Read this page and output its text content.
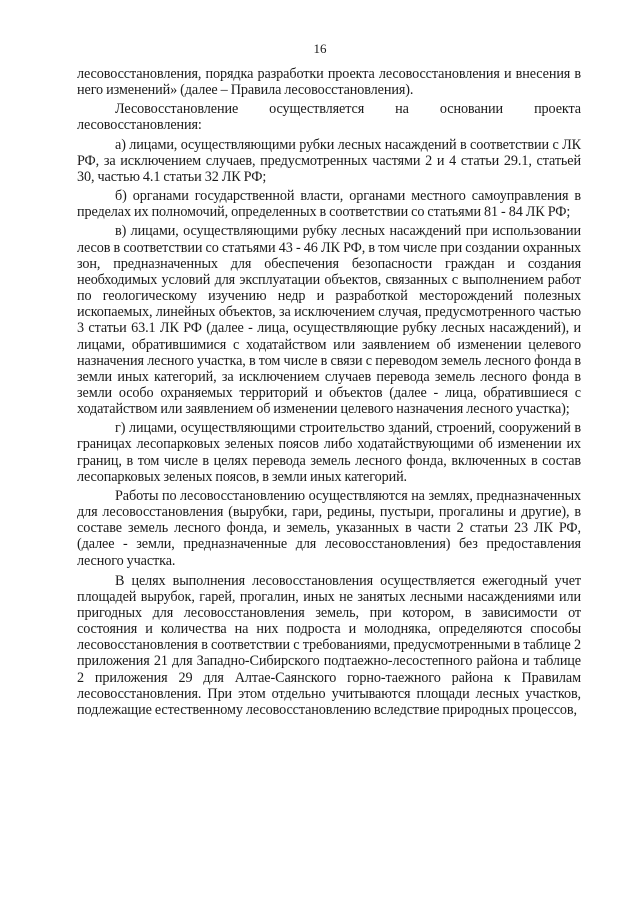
16

лесовосстановления, порядка разработки проекта лесовосстановления и внесения в него изменений» (далее – Правила лесовосстановления).

Лесовосстановление осуществляется на основании проекта лесовосстановления:

а) лицами, осуществляющими рубки лесных насаждений в соответствии с ЛК РФ, за исключением случаев, предусмотренных частями 2 и 4 статьи 29.1, статьей 30, частью 4.1 статьи 32 ЛК РФ;

б) органами государственной власти, органами местного самоуправления в пределах их полномочий, определенных в соответствии со статьями 81 - 84 ЛК РФ;

в) лицами, осуществляющими рубку лесных насаждений при использовании лесов в соответствии со статьями 43 - 46 ЛК РФ, в том числе при создании охранных зон, предназначенных для обеспечения безопасности граждан и создания необходимых условий для эксплуатации объектов, связанных с выполнением работ по геологическому изучению недр и разработкой месторождений полезных ископаемых, линейных объектов, за исключением случая, предусмотренного частью 3 статьи 63.1 ЛК РФ (далее - лица, осуществляющие рубку лесных насаждений), и лицами, обратившимися с ходатайством или заявлением об изменении целевого назначения лесного участка, в том числе в связи с переводом земель лесного фонда в земли иных категорий, за исключением случаев перевода земель лесного фонда в земли особо охраняемых территорий и объектов (далее - лица, обратившиеся с ходатайством или заявлением об изменении целевого назначения лесного участка);

г) лицами, осуществляющими строительство зданий, строений, сооружений в границах лесопарковых зеленых поясов либо ходатайствующими об изменении их границ, в том числе в целях перевода земель лесного фонда, включенных в состав лесопарковых зеленых поясов, в земли иных категорий.

Работы по лесовосстановлению осуществляются на землях, предназначенных для лесовосстановления (вырубки, гари, редины, пустыри, прогалины и другие), в составе земель лесного фонда, и земель, указанных в части 2 статьи 23 ЛК РФ, (далее - земли, предназначенные для лесовосстановления) без предоставления лесного участка.

В целях выполнения лесовосстановления осуществляется ежегодный учет площадей вырубок, гарей, прогалин, иных не занятых лесными насаждениями или пригодных для лесовосстановления земель, при котором, в зависимости от состояния и количества на них подроста и молодняка, определяются способы лесовосстановления в соответствии с требованиями, предусмотренными в таблице 2 приложения 21 для Западно-Сибирского подтаежно-лесостепного района и таблице 2 приложения 29 для Алтае-Саянского горно-таежного района к Правилам лесовосстановления. При этом отдельно учитываются площади лесных участков, подлежащие естественному лесовосстановлению вследствие природных процессов,
